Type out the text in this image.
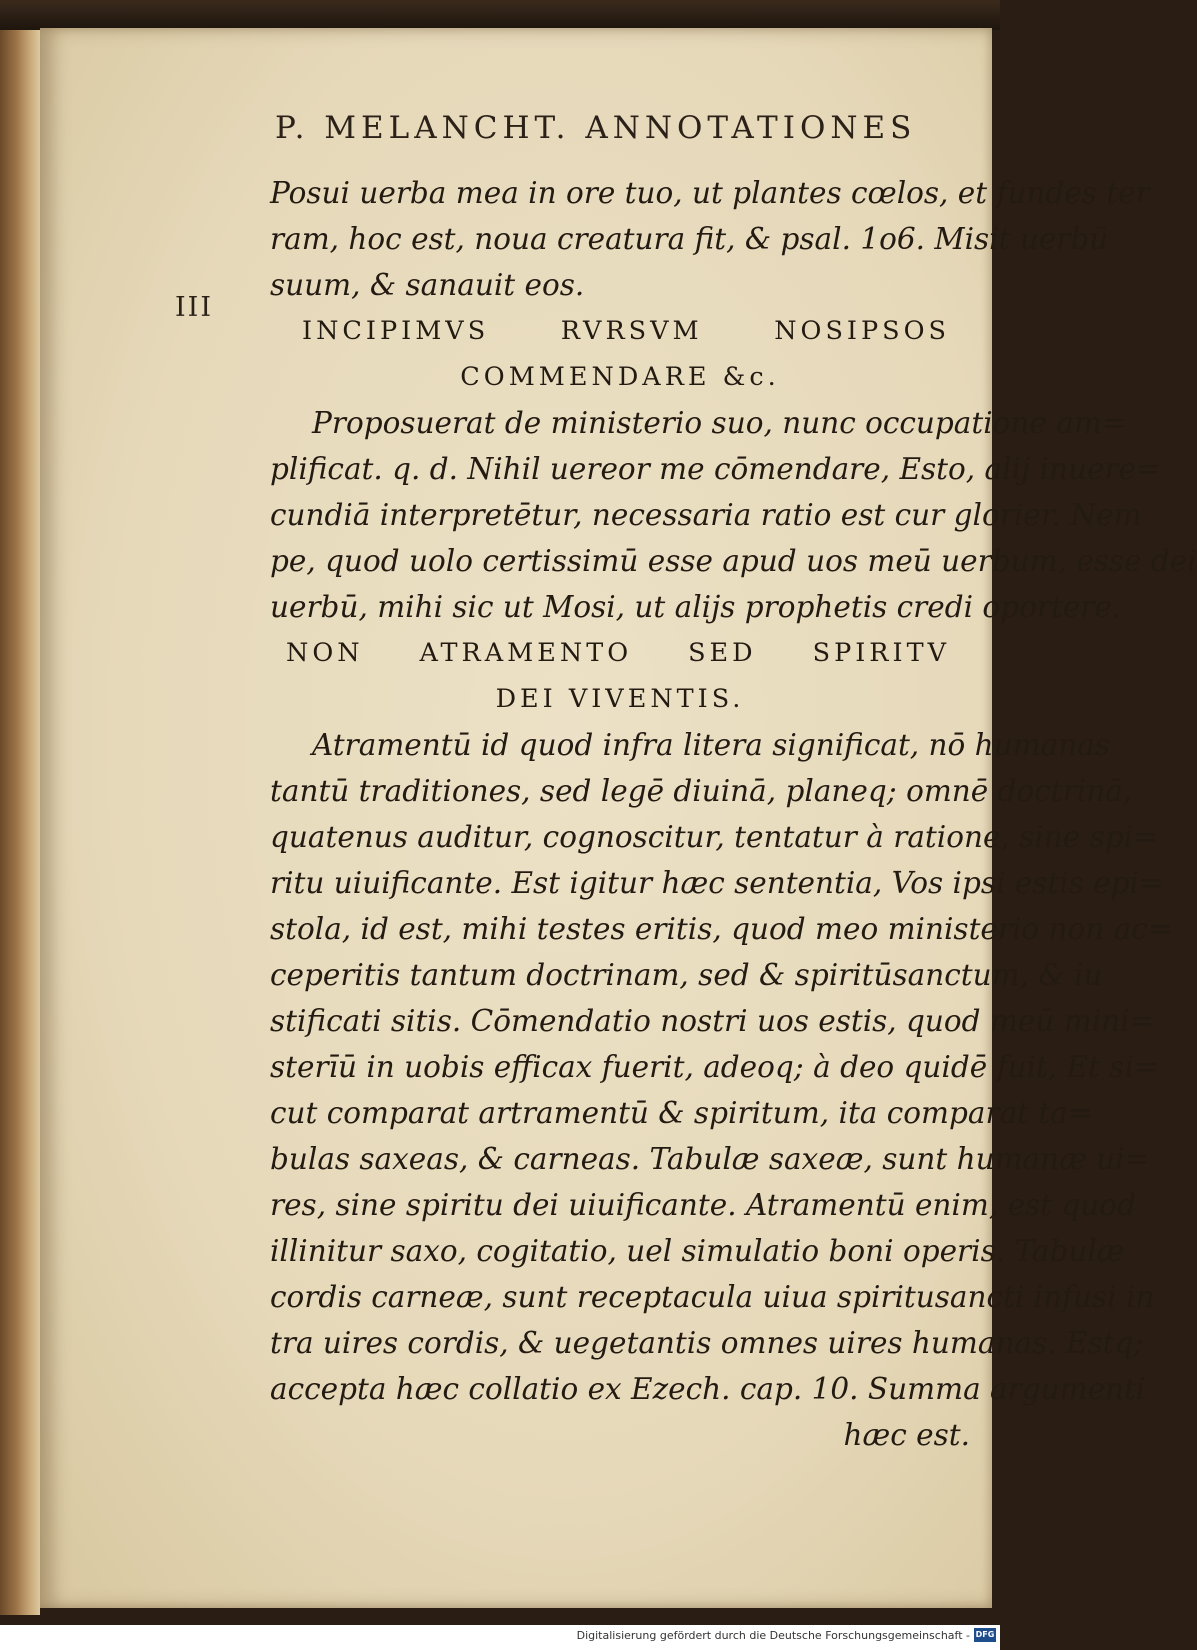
P. MELANCHT. ANNOTATIONES
III
Posui uerba mea in ore tuo, ut plantes cœlos, et fundes ter
ram, hoc est, noua creatura fit, & psal. 1ο6. Misit uerbū
suum, & sanauit eos.
INCIPIMVS RVRSVM NOSIPSOS
COMMENDARE &c.
Proposuerat de ministerio suo, nunc occupatione am=
plificat. q. d. Nihil uereor me cōmendare, Esto, alij inuere=
cundiā interpretētur, necessaria ratio est cur glorier. Nem
pe, quod uolo certissimū esse apud uos meū uerbum, esse dei
uerbū, mihi sic ut Mosi, ut alijs prophetis credi oportere.
NON ATRAMENTO SED SPIRITV
DEI VIVENTIS.
Atramentū id quod infra litera significat, nō humanas
tantū traditiones, sed legē diuinā, planeq; omnē doctrinā,
quatenus auditur, cognoscitur, tentatur à ratione, sine spi=
ritu uiuificante. Est igitur hæc sententia, Vos ipsi estis epi=
stola, id est, mihi testes eritis, quod meo ministerio non ac=
ceperitis tantum doctrinam, sed & spiritūsanctum, & iu
stificati sitis. Cōmendatio nostri uos estis, quod meū mini=
sterīū in uobis efficax fuerit, adeoq; à deo quidē fuit, Et si=
cut comparat artramentū & spiritum, ita comparat ta=
bulas saxeas, & carneas. Tabulæ saxeæ, sunt humanæ ui=
res, sine spiritu dei uiuificante. Atramentū enim, est quod
illinitur saxo, cogitatio, uel simulatio boni operis. Tabulæ
cordis carneæ, sunt receptacula uiua spiritusancti infusi in
tra uires cordis, & uegetantis omnes uires humanas. Estq;
accepta hæc collatio ex Ezech. cap. 10. Summa argumenti
hæc est.
Digitalisierung gefördert durch die Deutsche Forschungsgemeinschaft - DFG
